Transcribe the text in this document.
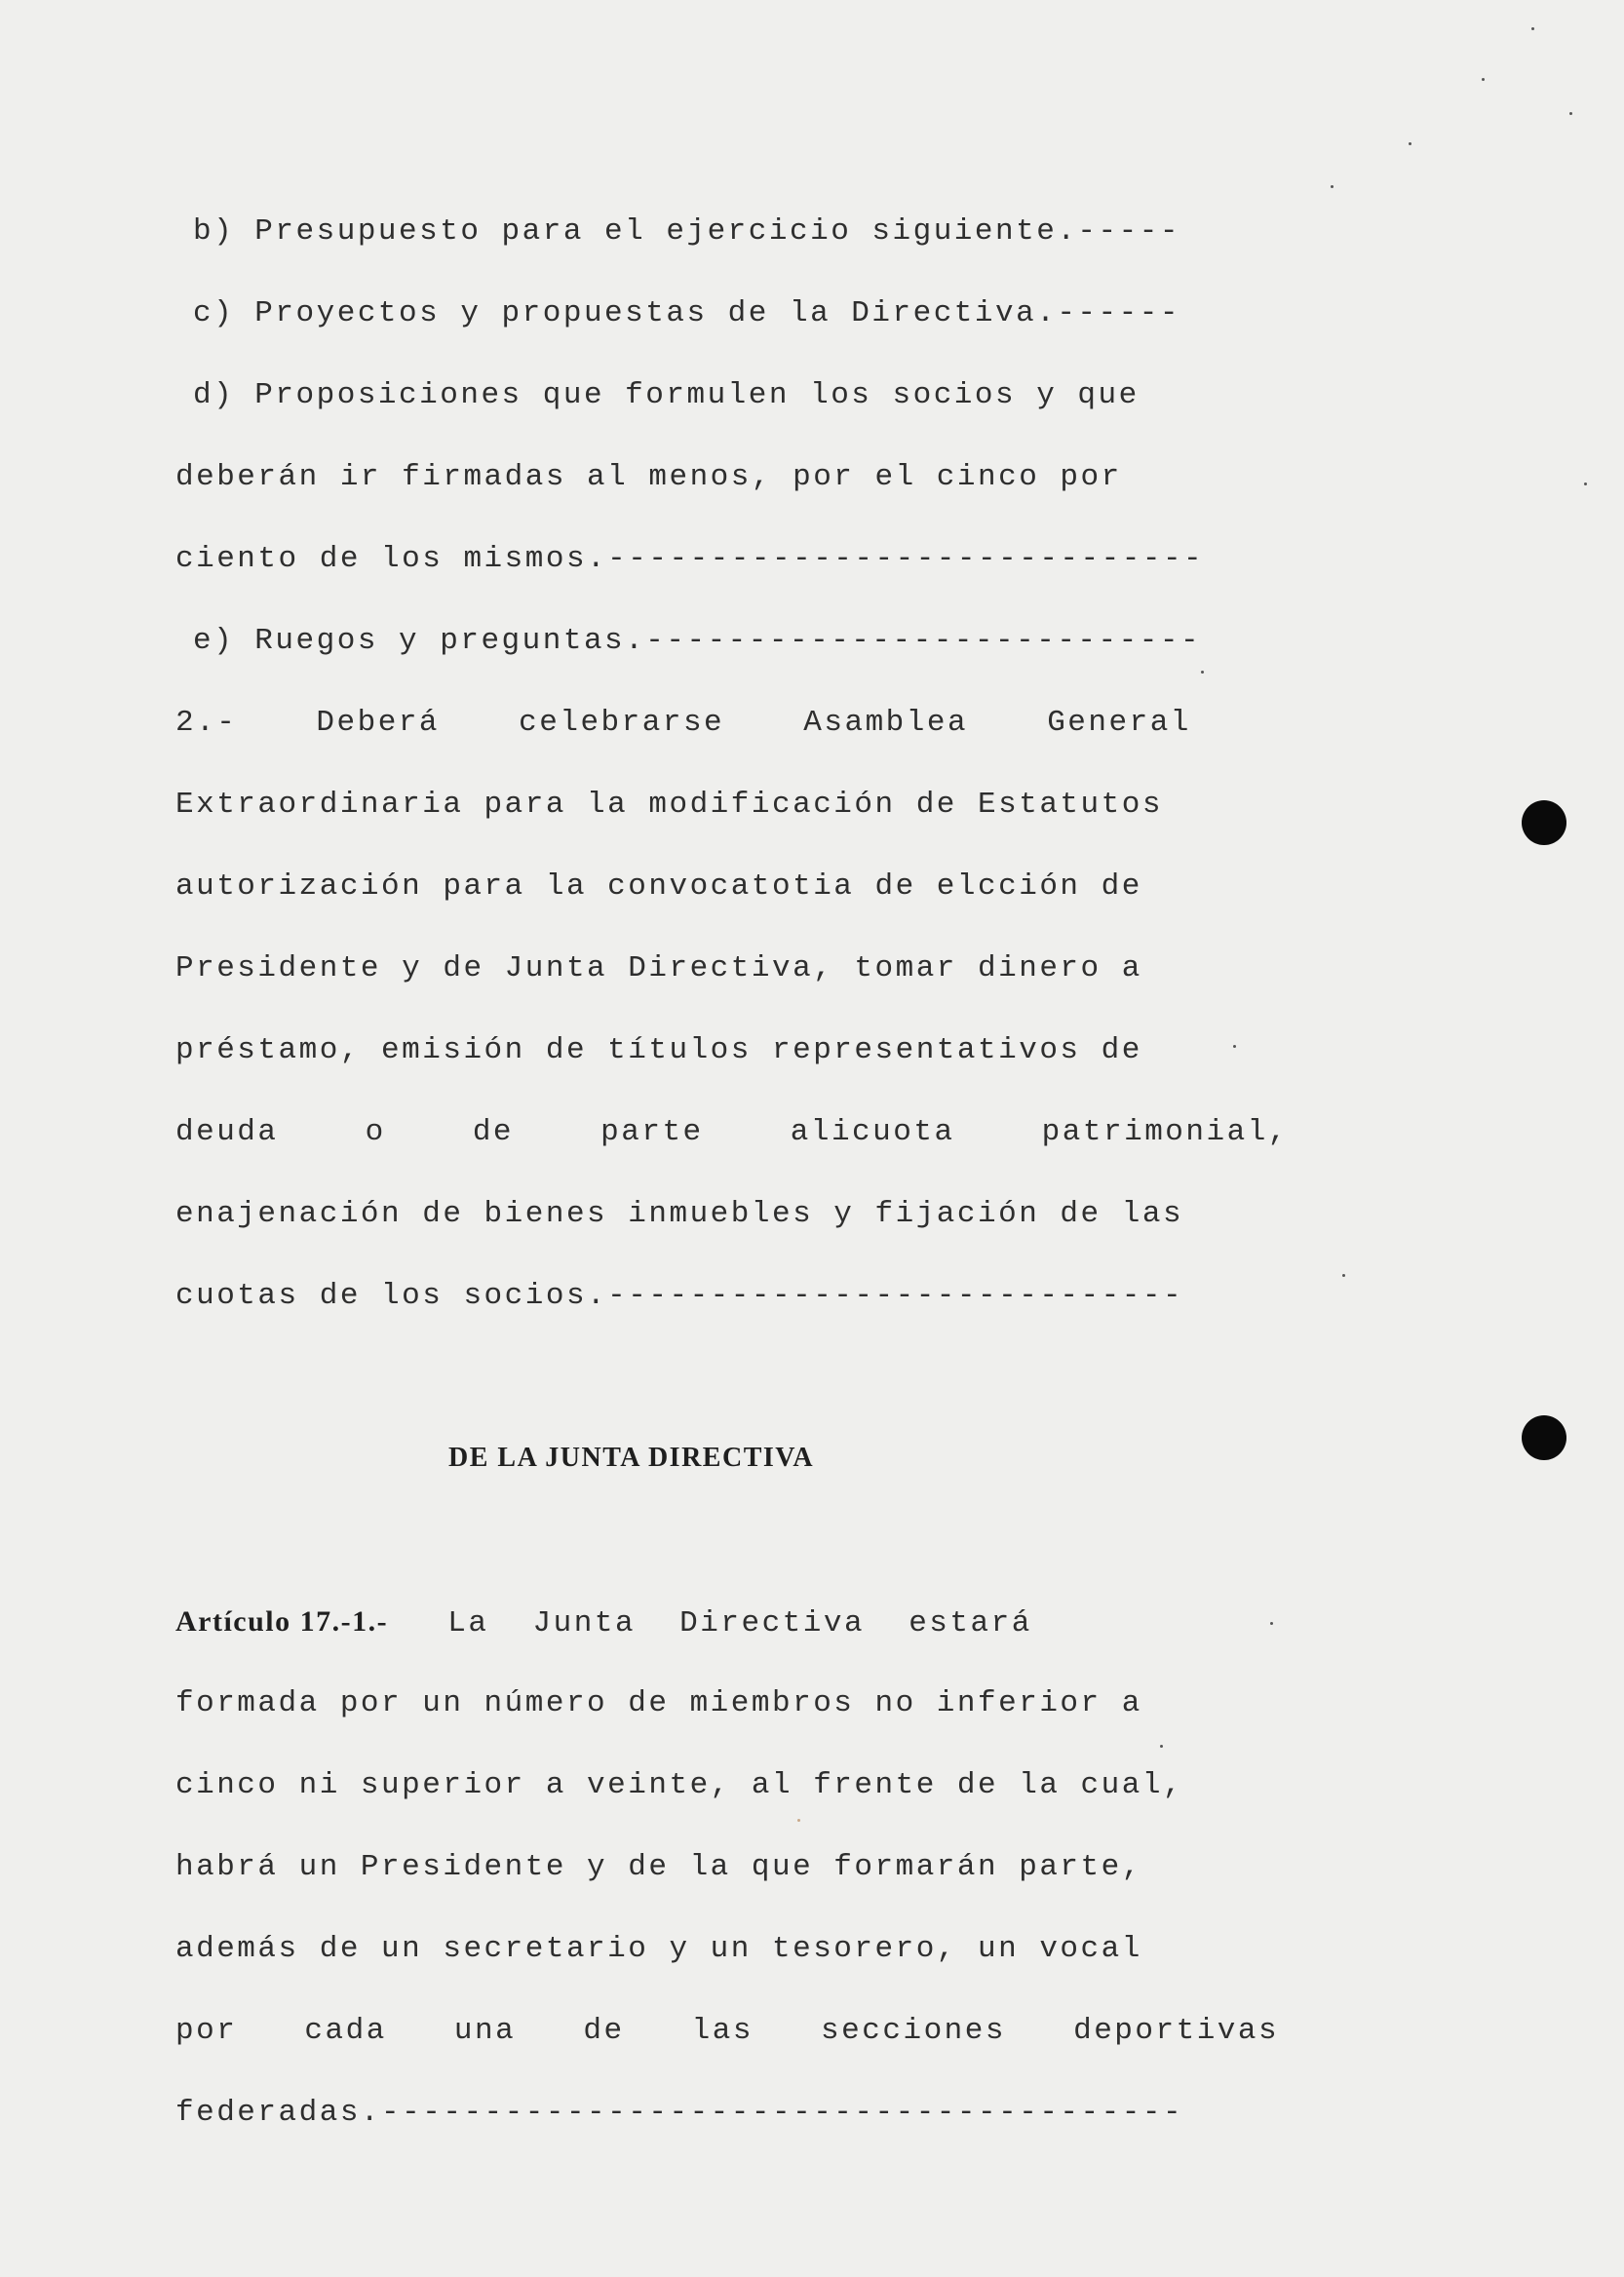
b) Presupuesto para el ejercicio siguiente.-----
c) Proyectos y propuestas de la Directiva.------
d) Proposiciones que formulen los socios y que
deberán ir firmadas al menos, por el cinco por
ciento de los mismos.-----------------------------
e) Ruegos y preguntas.---------------------------
2.- Deberá celebrarse Asamblea General
Extraordinaria para la modificación de Estatutos
autorización para la convocatotia de elcción de
Presidente y de Junta Directiva, tomar dinero a
préstamo, emisión de títulos representativos de
deuda o de parte alicuota patrimonial,
enajenación de bienes inmuebles y fijación de las
cuotas de los socios.----------------------------
DE LA JUNTA DIRECTIVA
Artículo 17.-1.- La Junta Directiva estará
formada por un número de miembros no inferior a
cinco ni superior a veinte, al frente de la cual,
habrá un Presidente y de la que formarán parte,
además de un secretario y un tesorero, un vocal
por cada una de las secciones deportivas
federadas.---------------------------------------
